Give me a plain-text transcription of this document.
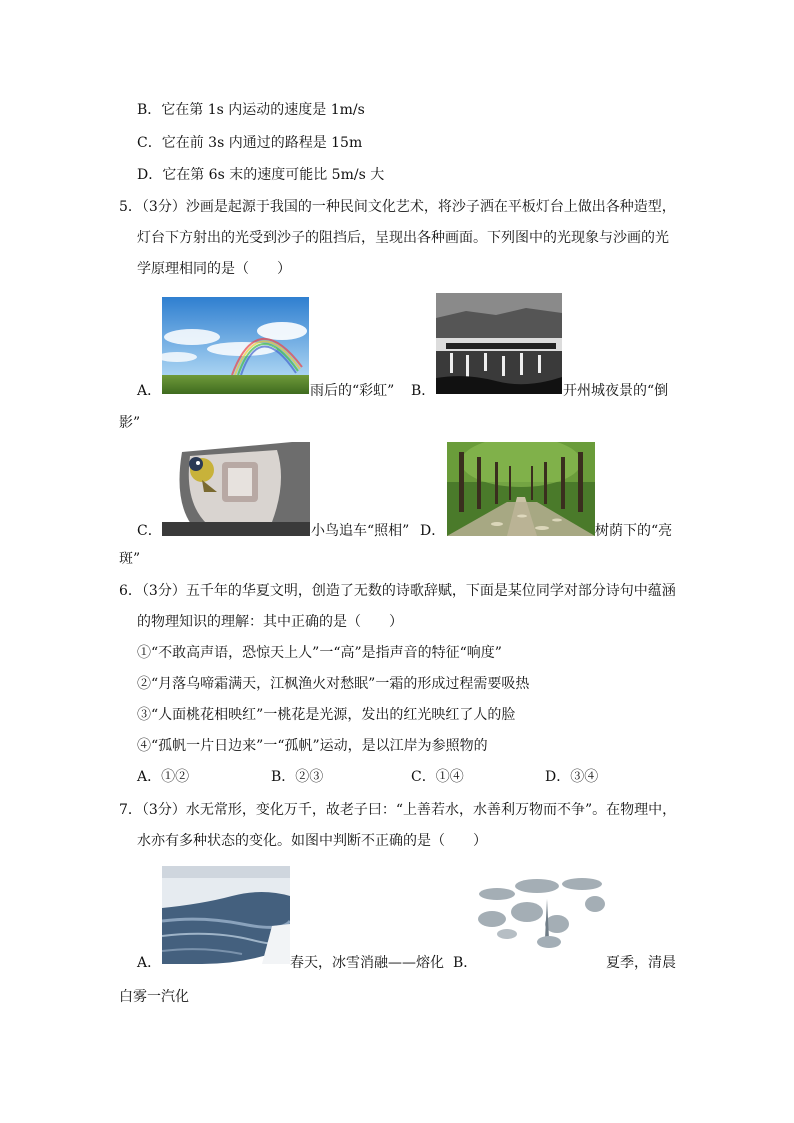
B．它在第 1s 内运动的速度是 1m/s
C．它在前 3s 内通过的路程是 15m
D．它在第 6s 末的速度可能比 5m/s 大
5．（3分）沙画是起源于我国的一种民间文化艺术，将沙子洒在平板灯台上做出各种造型，
灯台下方射出的光受到沙子的阻挡后，呈现出各种画面。下列图中的光现象与沙画的光
学原理相同的是（　　）
A．	雨后的“彩虹” B．	开州城夜景的“倒
影”
C．	小鸟追车“照相” D．	树荫下的“亮
斑”
6．（3分）五千年的华夏文明，创造了无数的诗歌辞赋，下面是某位同学对部分诗句中蕴涵
的物理知识的理解：其中正确的是（　　）
①“不敢高声语，恐惊天上人”一“高”是指声音的特征“响度”
②“月落乌啼霜满天，江枫渔火对愁眠”一霜的形成过程需要吸热
③“人面桃花相映红”一桃花是光源，发出的红光映红了人的脸
④“孤帆一片日边来”一“孤帆”运动，是以江岸为参照物的
A．①②	B．②③	C．①④	D．③④
7．（3分）水无常形，变化万千，故老子曰：“上善若水，水善利万物而不争”。在物理中，
水亦有多种状态的变化。如图中判断不正确的是（　　）
A．	春天，冰雪消融——熔化 B．	夏季，清晨
白雾一汽化
